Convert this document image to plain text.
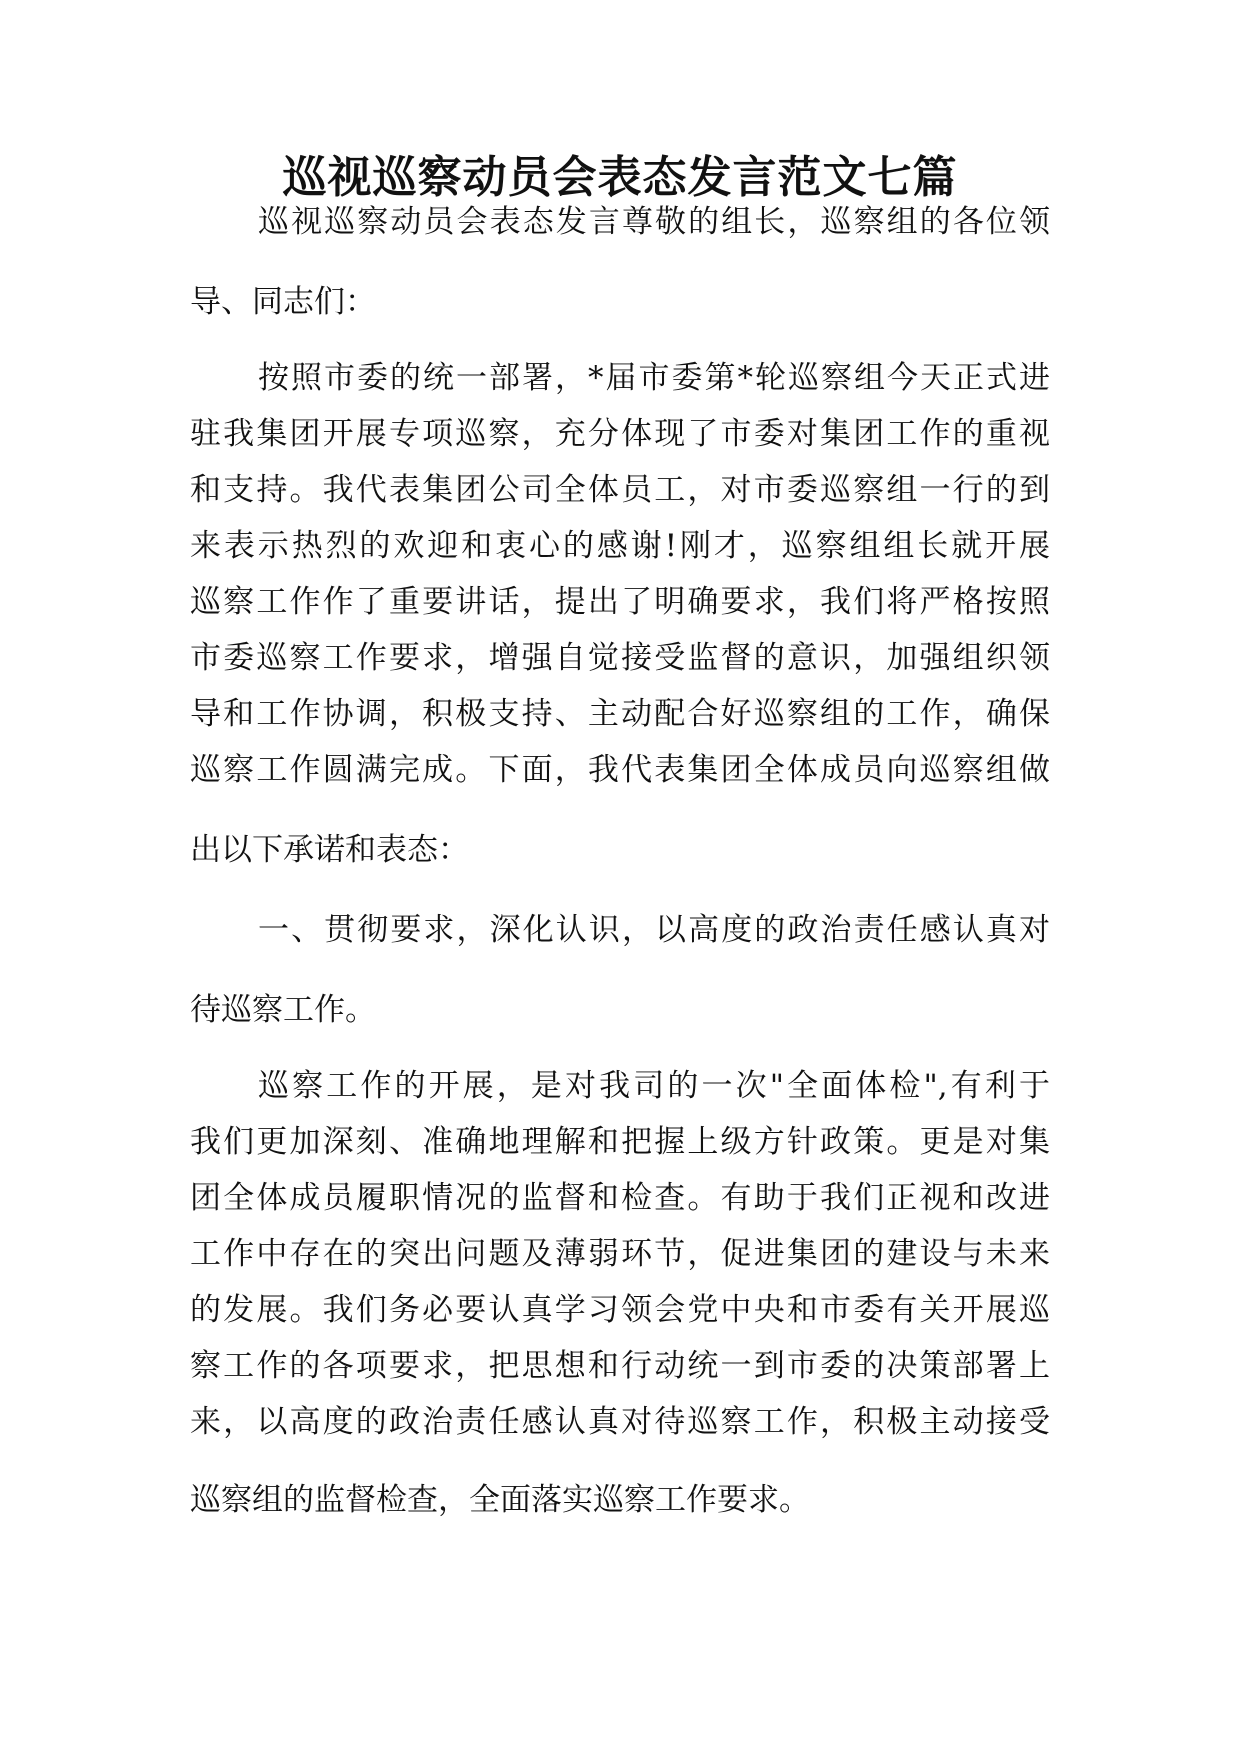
巡视巡察动员会表态发言范文七篇
巡视巡察动员会表态发言尊敬的组长，巡察组的各位领
导、同志们：
按照市委的统一部署，*届市委第*轮巡察组今天正式进
驻我集团开展专项巡察，充分体现了市委对集团工作的重视
和支持。我代表集团公司全体员工，对市委巡察组一行的到
来表示热烈的欢迎和衷心的感谢!刚才，巡察组组长就开展
巡察工作作了重要讲话，提出了明确要求，我们将严格按照
市委巡察工作要求，增强自觉接受监督的意识，加强组织领
导和工作协调，积极支持、主动配合好巡察组的工作，确保
巡察工作圆满完成。下面，我代表集团全体成员向巡察组做
出以下承诺和表态：
一、贯彻要求，深化认识，以高度的政治责任感认真对
待巡察工作。
巡察工作的开展，是对我司的一次"全面体检",有利于
我们更加深刻、准确地理解和把握上级方针政策。更是对集
团全体成员履职情况的监督和检查。有助于我们正视和改进
工作中存在的突出问题及薄弱环节，促进集团的建设与未来
的发展。我们务必要认真学习领会党中央和市委有关开展巡
察工作的各项要求，把思想和行动统一到市委的决策部署上
来，以高度的政治责任感认真对待巡察工作，积极主动接受
巡察组的监督检查，全面落实巡察工作要求。
